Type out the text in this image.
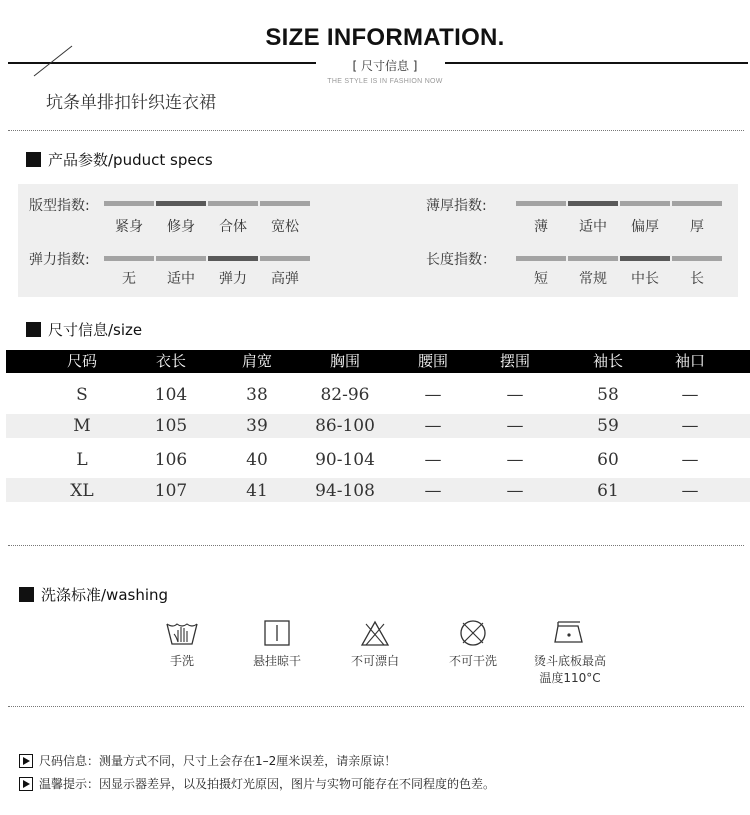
SIZE INFORMATION.
[ 尺寸信息 ]
THE STYLE IS IN FASHION NOW
坑条单排扣针织连衣裙
产品参数/puduct specs
版型指数:
紧身	修身	合体	宽松
薄厚指数:
薄	适中	偏厚	厚
弹力指数:
无	适中	弹力	高弹
长度指数：
短	常规	中长	长
尺寸信息/size
尺码	衣长	肩宽	胸围	腰围	摆围	袖长	袖口
S	104	38	82-96	—	—	58	—
M	105	39	86-100	—	—	59	—
L	106	40	90-104	—	—	60	—
XL	107	41	94-108	—	—	61	—
洗涤标准/washing
手洗	悬挂晾干	不可漂白	不可干洗	烫斗底板最高
温度110°C
尺码信息：测量方式不同，尺寸上会存在1–2厘米误差，请亲原谅！
温馨提示：因显示器差异，以及拍摄灯光原因，图片与实物可能存在不同程度的色差。
